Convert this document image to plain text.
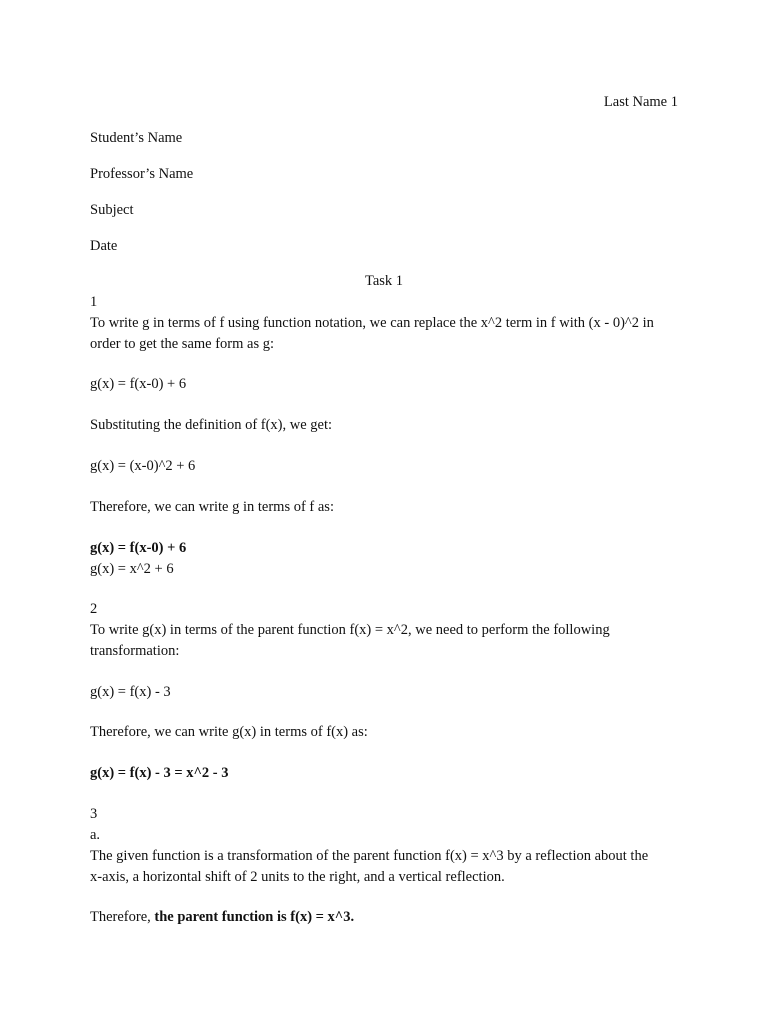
Last Name 1
Student’s Name
Professor’s Name
Subject
Date
Task 1
1
To write g in terms of f using function notation, we can replace the x^2 term in f with (x - 0)^2 in
order to get the same form as g:
g(x) = f(x-0) + 6
Substituting the definition of f(x), we get:
g(x) = (x-0)^2 + 6
Therefore, we can write g in terms of f as:
g(x) = f(x-0) + 6
g(x) = x^2 + 6
2
To write g(x) in terms of the parent function f(x) = x^2, we need to perform the following
transformation:
g(x) = f(x) - 3
Therefore, we can write g(x) in terms of f(x) as:
g(x) = f(x) - 3 = x^2 - 3
3
a.
The given function is a transformation of the parent function f(x) = x^3 by a reflection about the
x-axis, a horizontal shift of 2 units to the right, and a vertical reflection.
Therefore, the parent function is f(x) = x^3.
